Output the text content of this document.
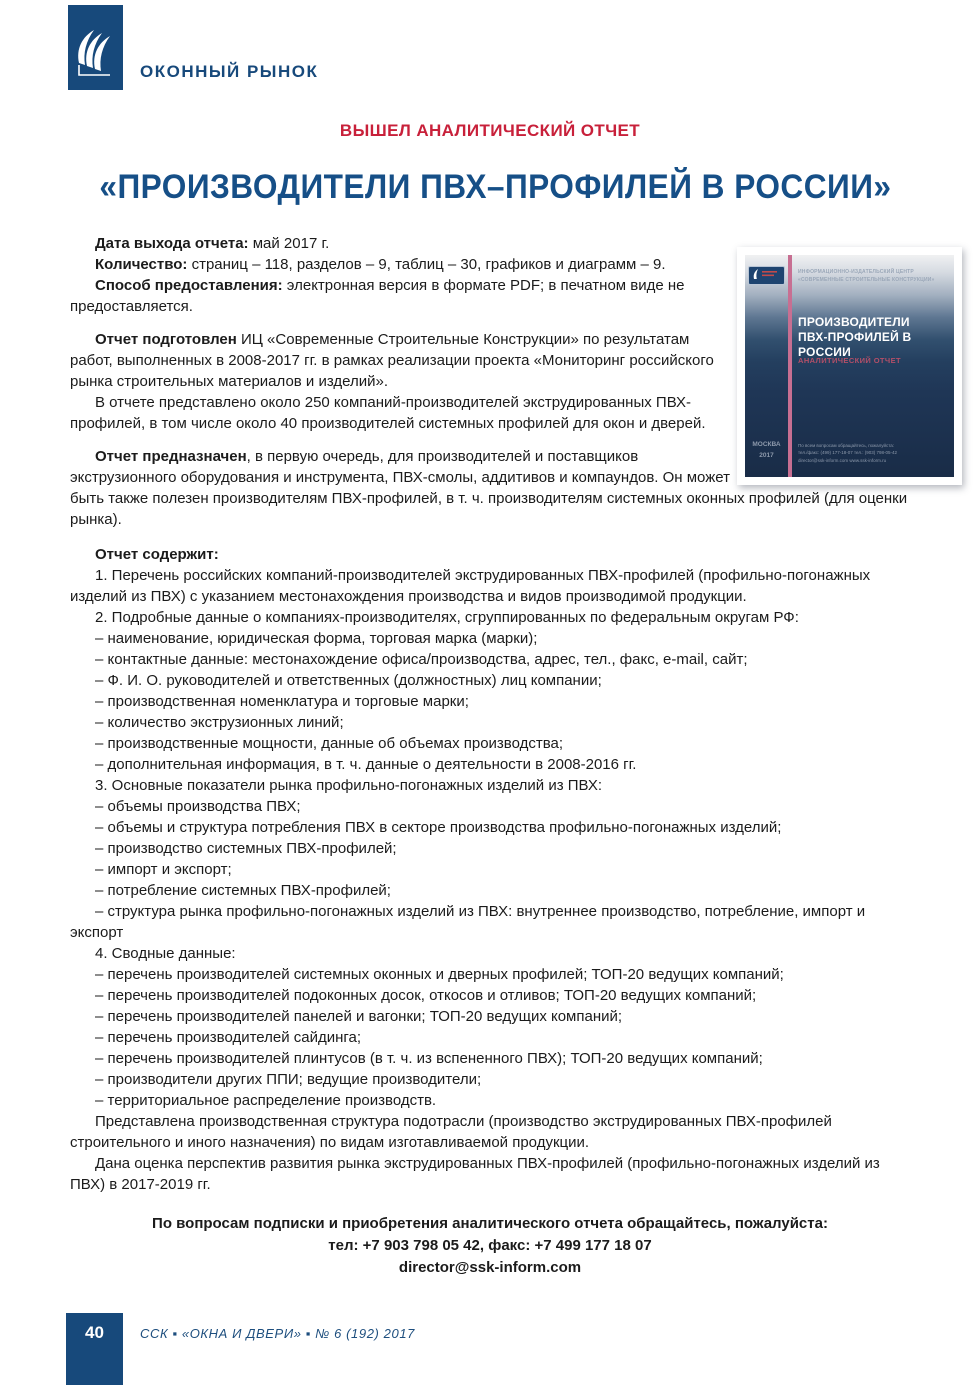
ОКОННЫЙ РЫНОК

ВЫШЕЛ АНАЛИТИЧЕСКИЙ ОТЧЕТ

«ПРОИЗВОДИТЕЛИ ПВХ–ПРОФИЛЕЙ В РОССИИ»
ИНФОРМАЦИОННО-ИЗДАТЕЛЬСКИЙ ЦЕНТР
«СОВРЕМЕННЫЕ СТРОИТЕЛЬНЫЕ КОНСТРУКЦИИ»
ПРОИЗВОДИТЕЛИ
ПВХ-ПРОФИЛЕЙ В РОССИИ
АНАЛИТИЧЕСКИЙ ОТЧЕТ
МОСКВА
2017
По всем вопросам обращайтесь, пожалуйста:
тел./факс: (499) 177-18-07 тел.: (903) 798-05-42
director@ssk-inform.com www.ssk-inform.ru

Дата выхода отчета: май 2017 г.

Количество: страниц – 118, разделов – 9, таблиц – 30, графиков и диаграмм – 9.

Способ предоставления: электронная версия в формате PDF; в печатном виде не предоставляется.

Отчет подготовлен ИЦ «Современные Строительные Конструкции» по результатам работ, выполненных в 2008-2017 гг. в рамках реализации проекта «Мониторинг российского рынка строительных материалов и изделий».

В отчете представлено около 250 компаний-производителей экструдированных ПВХ-профилей, в том числе около 40 производителей системных профилей для окон и дверей.

Отчет предназначен, в первую очередь, для производителей и поставщиков экструзионного оборудования и инструмента, ПВХ-смолы, аддитивов и компаундов. Он может быть также полезен производителям ПВХ-профилей, в т. ч. производителям системных оконных профилей (для оценки рынка).

Отчет содержит:

1. Перечень российских компаний-производителей экструдированных ПВХ-профилей (профильно-погонажных изделий из ПВХ) с указанием местонахождения производства и видов производимой продукции.

2. Подробные данные о компаниях-производителях, сгруппированных по федеральным округам РФ:

– наименование, юридическая форма, торговая марка (марки);

– контактные данные: местонахождение офиса/производства, адрес, тел., факс, e-mail, сайт;

– Ф. И. О. руководителей и ответственных (должностных) лиц компании;

– производственная номенклатура и торговые марки;

– количество экструзионных линий;

– производственные мощности, данные об объемах производства;

– дополнительная информация, в т. ч. данные о деятельности в 2008-2016 гг.

3. Основные показатели рынка профильно-погонажных изделий из ПВХ:

– объемы производства ПВХ;

– объемы и структура потребления ПВХ в секторе производства профильно-погонажных изделий;

– производство системных ПВХ-профилей;

– импорт и экспорт;

– потребление системных ПВХ-профилей;

– структура рынка профильно-погонажных изделий из ПВХ: внутреннее производство, потребление, импорт и экспорт

4. Сводные данные:

– перечень производителей системных оконных и дверных профилей; ТОП-20 ведущих компаний;

– перечень производителей подоконных досок, откосов и отливов; ТОП-20 ведущих компаний;

– перечень производителей панелей и вагонки; ТОП-20 ведущих компаний;

– перечень производителей сайдинга;

– перечень производителей плинтусов (в т. ч. из вспененного ПВХ); ТОП-20 ведущих компаний;

– производители других ППИ; ведущие производители;

– территориальное распределение производств.

Представлена производственная структура подотрасли (производство экструдированных ПВХ-профилей строительного и иного назначения) по видам изготавливаемой продукции.

Дана оценка перспектив развития рынка экструдированных ПВХ-профилей (профильно-погонажных изделий из ПВХ) в 2017-2019 гг.

По вопросам подписки и приобретения аналитического отчета обращайтесь, пожалуйста:

тел: +7 903 798 05 42, факс: +7 499 177 18 07

director@ssk-inform.com

40	ССК ▪ «ОКНА И ДВЕРИ» ▪ № 6 (192) 2017
